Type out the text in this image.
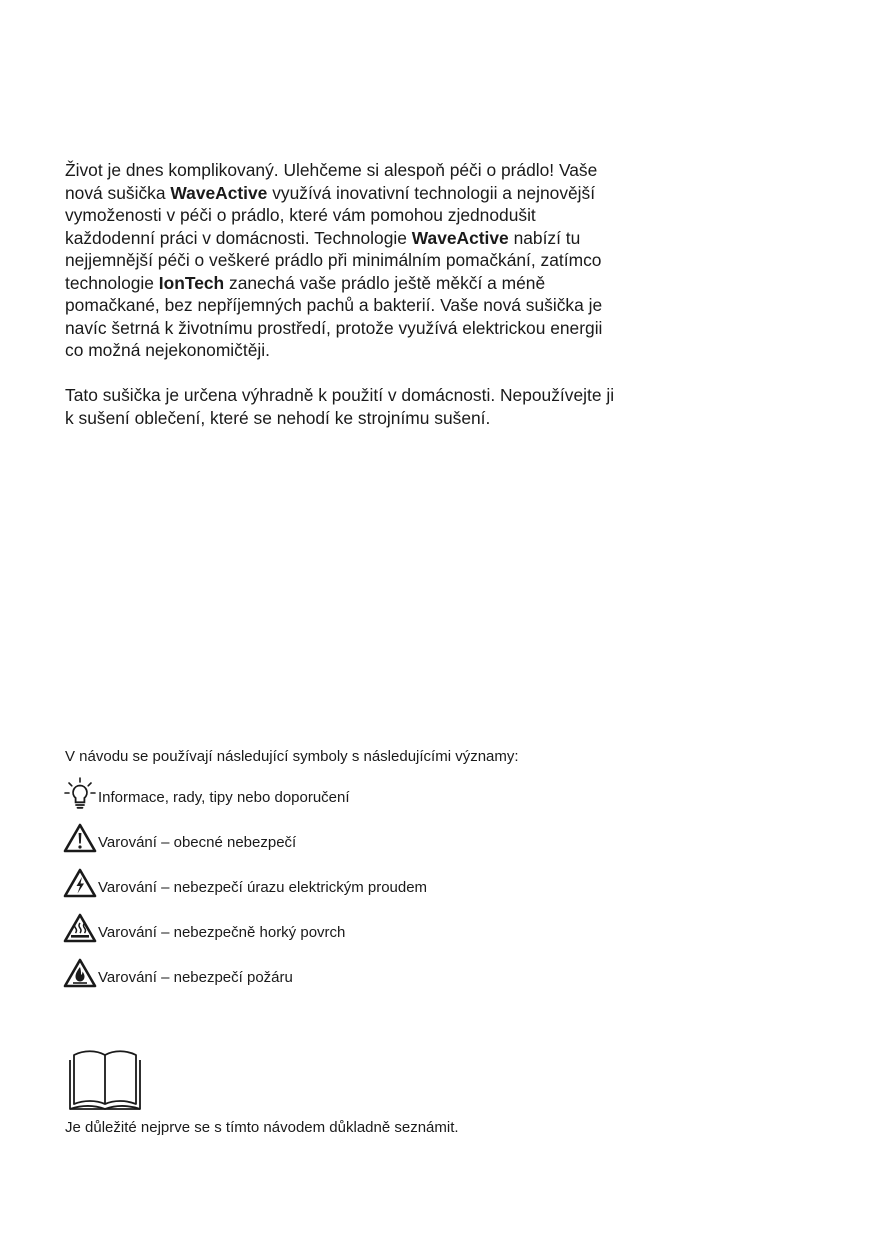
Život je dnes komplikovaný. Ulehčeme si alespoň péči o prádlo! Vaše nová sušička WaveActive využívá inovativní technologii a nejnovější vymoženosti v péči o prádlo, které vám pomohou zjednodušit každodenní práci v domácnosti. Technologie WaveActive nabízí tu nejjemnější péči o veškeré prádlo při minimálním pomačkání, zatímco technologie IonTech zanechá vaše prádlo ještě měkčí a méně pomačkané, bez nepříjemných pachů a bakterií. Vaše nová sušička je navíc šetrná k životnímu prostředí, protože využívá elektrickou energii co možná nejekonomičtěji.

Tato sušička je určena výhradně k použití v domácnosti. Nepoužívejte ji k sušení oblečení, které se nehodí ke strojnímu sušení.

V návodu se používají následující symboly s následujícími významy:
Informace, rady, tipy nebo doporučení
Varování – obecné nebezpečí
Varování – nebezpečí úrazu elektrickým proudem
Varování – nebezpečně horký povrch
Varování – nebezpečí požáru
Je důležité nejprve se s tímto návodem důkladně seznámit.
